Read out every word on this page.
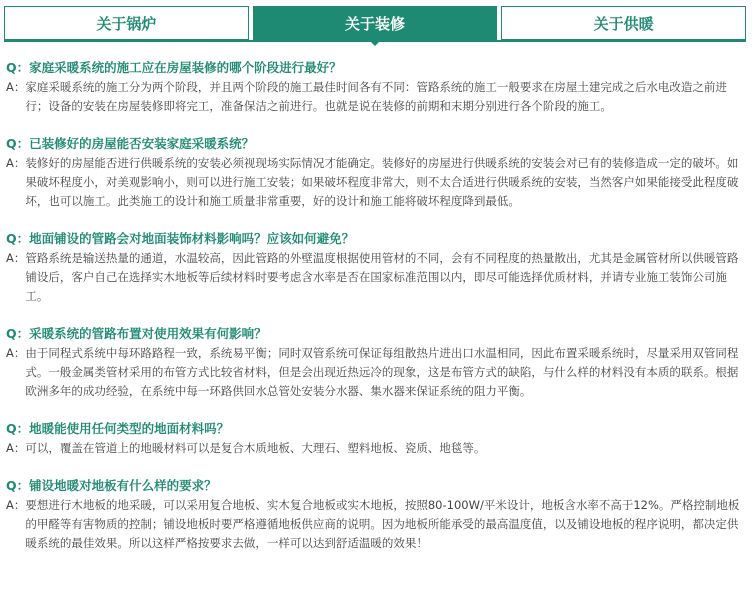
关于锅炉	关于装修	关于供暖
Q：家庭采暖系统的施工应在房屋装修的哪个阶段进行最好？
A： 家庭采暖系统的施工分为两个阶段，并且两个阶段的施工最佳时间各有不同：管路系统的施工一般要求在房屋土建完成之后水电改造之前进行；设备的安装在房屋装修即将完工，准备保洁之前进行。也就是说在装修的前期和末期分别进行各个阶段的施工。
Q：已装修好的房屋能否安装家庭采暖系统？
A： 装修好的房屋能否进行供暖系统的安装必须视现场实际情况才能确定。装修好的房屋进行供暖系统的安装会对已有的装修造成一定的破坏。如果破坏程度小，对美观影响小，则可以进行施工安装；如果破坏程度非常大，则不太合适进行供暖系统的安装，当然客户如果能接受此程度破坏，也可以施工。此类施工的设计和施工质量非常重要，好的设计和施工能将破坏程度降到最低。
Q：地面铺设的管路会对地面装饰材料影响吗？应该如何避免？
A： 管路系统是输送热量的通道，水温较高，因此管路的外壁温度根据使用管材的不同，会有不同程度的热量散出，尤其是金属管材所以供暖管路铺设后，客户自己在选择实木地板等后续材料时要考虑含水率是否在国家标准范围以内，即尽可能选择优质材料，并请专业施工装饰公司施工。
Q：采暖系统的管路布置对使用效果有何影响？
A： 由于同程式系统中每环路路程一致，系统易平衡；同时双管系统可保证每组散热片进出口水温相同，因此布置采暖系统时，尽量采用双管同程式。一般金属类管材采用的布管方式比较省材料，但是会出现近热远冷的现象，这是布管方式的缺陷，与什么样的材料没有本质的联系。根据欧洲多年的成功经验，在系统中每一环路供回水总管处安装分水器、集水器来保证系统的阻力平衡。
Q：地暖能使用任何类型的地面材料吗？
A： 可以，覆盖在管道上的地暖材料可以是复合木质地板、大理石、塑料地板、瓷质、地毯等。
Q：铺设地暖对地板有什么样的要求？
A： 要想进行木地板的地采暖，可以采用复合地板、实木复合地板或实木地板，按照80-100W/平米设计，地板含水率不高于12%。严格控制地板的甲醛等有害物质的控制；铺设地板时要严格遵循地板供应商的说明。因为地板所能承受的最高温度值，以及铺设地板的程序说明，都决定供暖系统的最佳效果。所以这样严格按要求去做，一样可以达到舒适温暖的效果！
